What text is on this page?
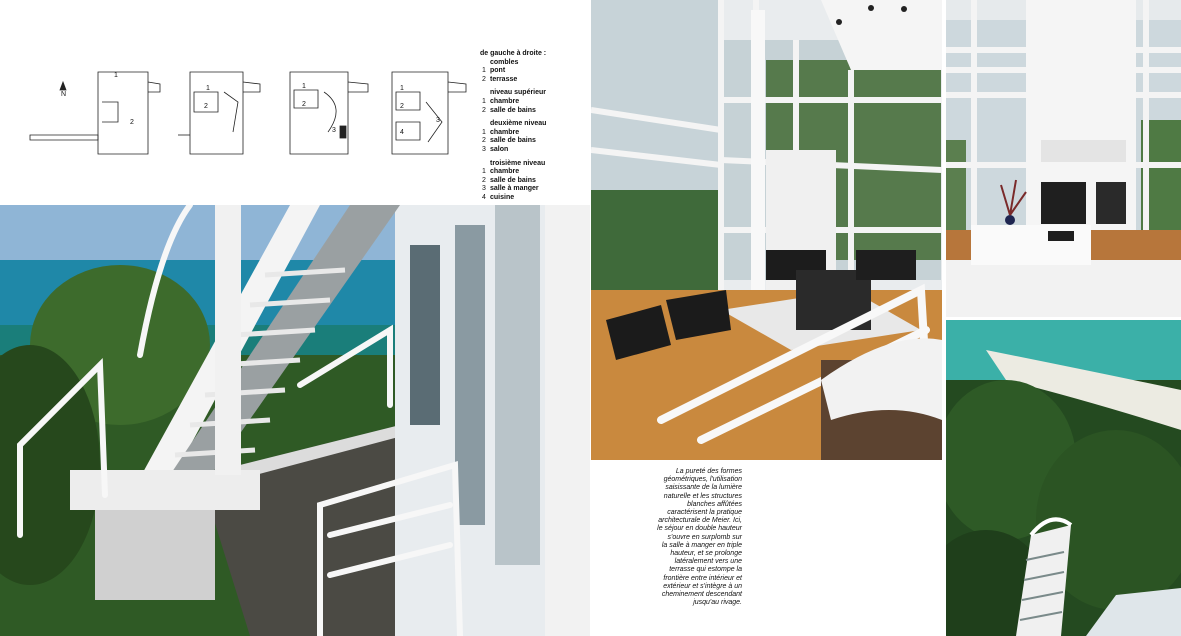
N
1
2
1
2
1
2
3
1
2
3
4
de gauche à droite :
combles
1 pont
2 terrasse
niveau supérieur
1 chambre
2 salle de bains
deuxième niveau
1 chambre
2 salle de bains
3 salon
troisième niveau
1 chambre
2 salle de bains
3 salle à manger
4 cuisine
La pureté des formes
géométriques, l'utilisation
saisissante de la lumière
naturelle et les structures
blanches affûtées
caractérisent la pratique
architecturale de Meier. Ici,
le séjour en double hauteur
s'ouvre en surplomb sur
la salle à manger en triple
hauteur, et se prolonge
latéralement vers une
terrasse qui estompe la
frontière entre intérieur et
extérieur et s'intègre à un
cheminement descendant
jusqu'au rivage.
